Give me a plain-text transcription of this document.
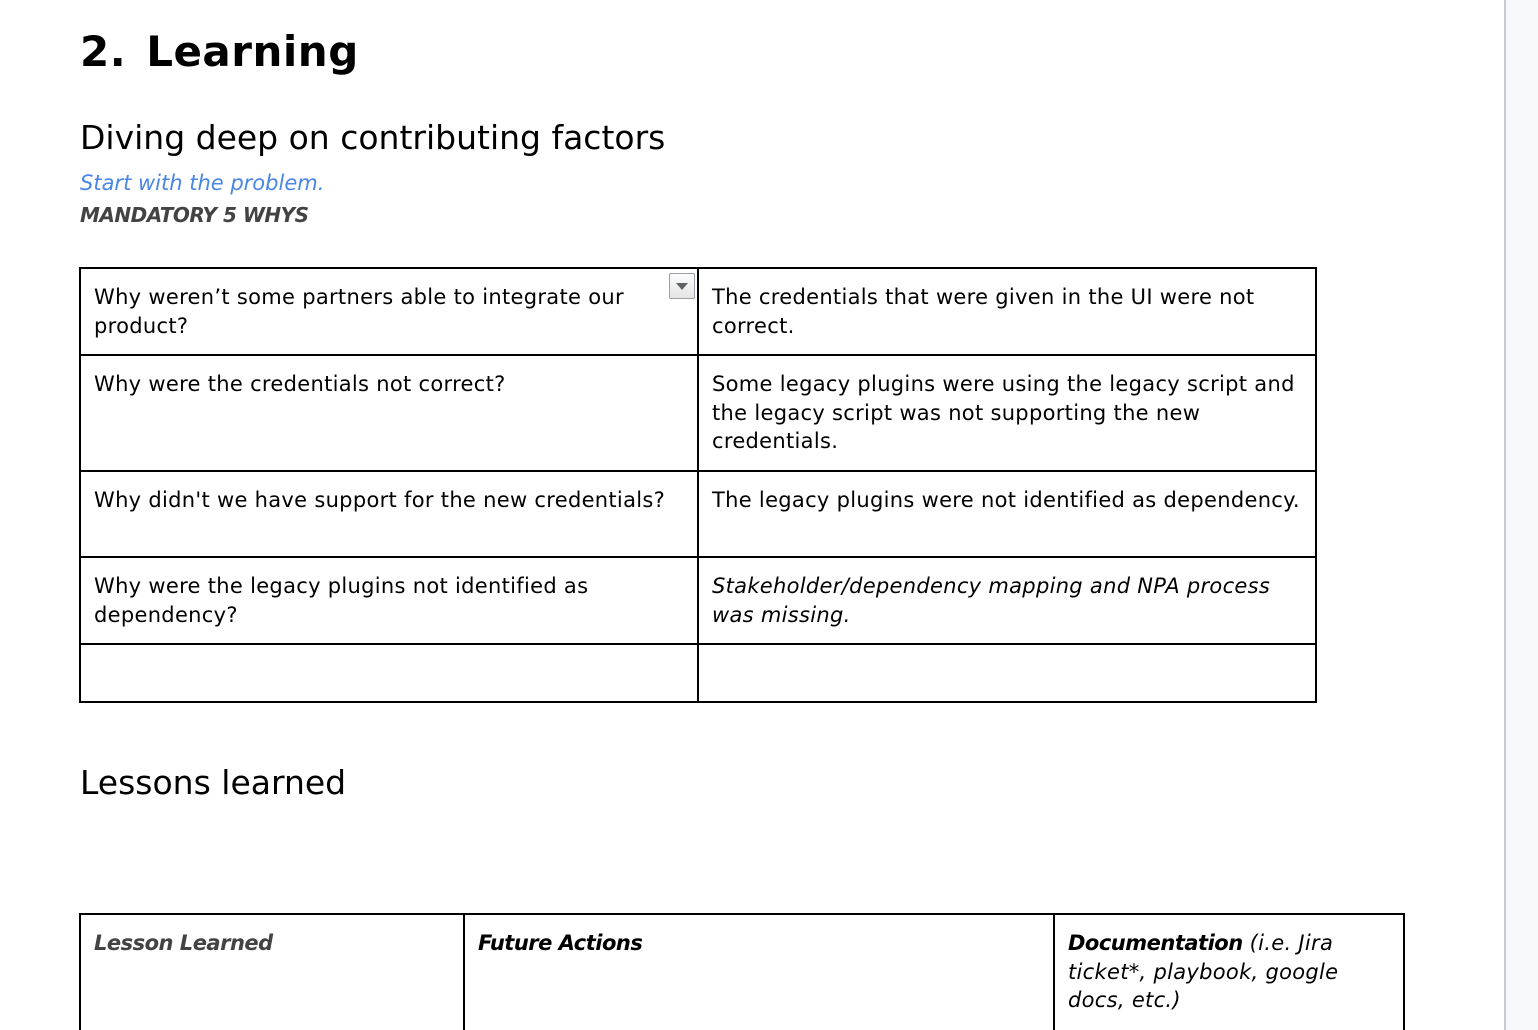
2. Learning
Diving deep on contributing factors
Start with the problem.
MANDATORY 5 WHYS
Why weren’t some partners able to integrate our product?	The credentials that were given in the UI were not correct.
Why were the credentials not correct?	Some legacy plugins were using the legacy script and the legacy script was not supporting the new credentials.
Why didn't we have support for the new credentials?	The legacy plugins were not identified as dependency.
Why were the legacy plugins not identified as dependency?	Stakeholder/dependency mapping and NPA process was missing.

Lessons learned
Lesson Learned	Future Actions	Documentation (i.e. Jira ticket*, playbook, google docs, etc.)
